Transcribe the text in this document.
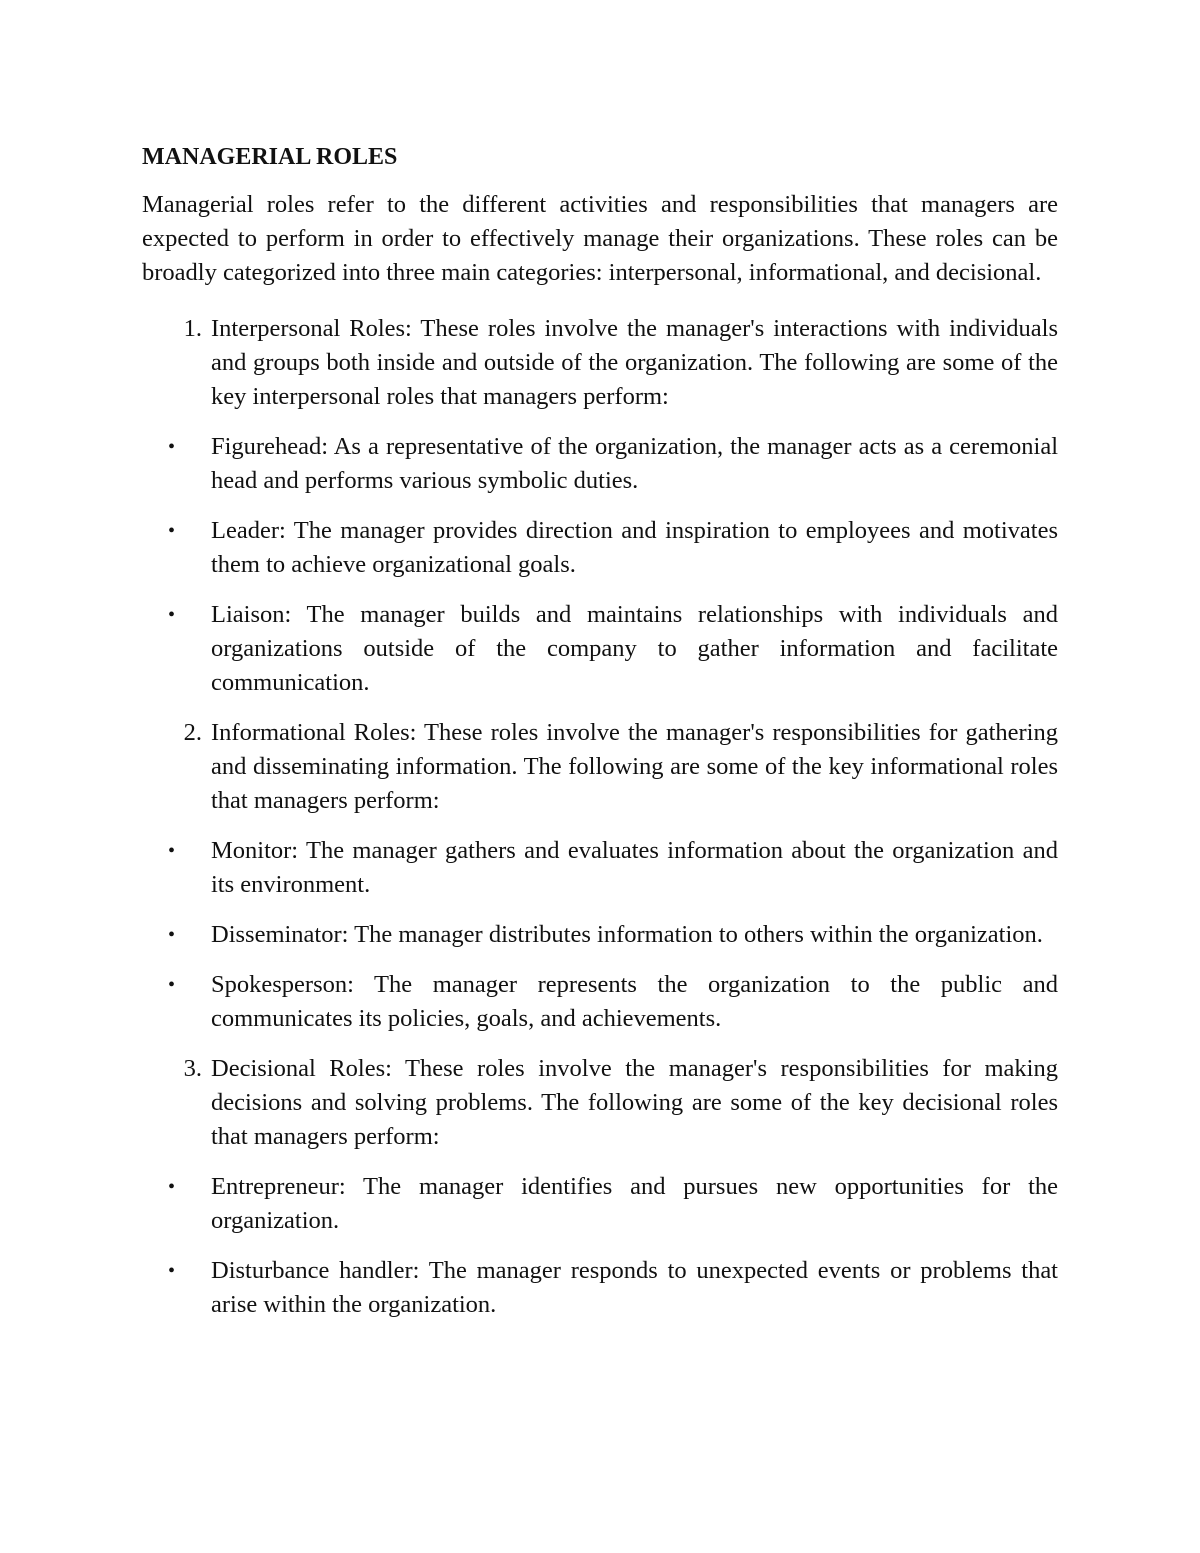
MANAGERIAL ROLES
Managerial roles refer to the different activities and responsibilities that managers are expected to perform in order to effectively manage their organizations. These roles can be broadly categorized into three main categories: interpersonal, informational, and decisional.
1. Interpersonal Roles: These roles involve the manager's interactions with individuals and groups both inside and outside of the organization. The following are some of the key interpersonal roles that managers perform:
• Figurehead: As a representative of the organization, the manager acts as a ceremonial head and performs various symbolic duties.
• Leader: The manager provides direction and inspiration to employees and motivates them to achieve organizational goals.
• Liaison: The manager builds and maintains relationships with individuals and organizations outside of the company to gather information and facilitate communication.
2. Informational Roles: These roles involve the manager's responsibilities for gathering and disseminating information. The following are some of the key informational roles that managers perform:
• Monitor: The manager gathers and evaluates information about the organization and its environment.
• Disseminator: The manager distributes information to others within the organization.
• Spokesperson: The manager represents the organization to the public and communicates its policies, goals, and achievements.
3. Decisional Roles: These roles involve the manager's responsibilities for making decisions and solving problems. The following are some of the key decisional roles that managers perform:
• Entrepreneur: The manager identifies and pursues new opportunities for the organization.
• Disturbance handler: The manager responds to unexpected events or problems that arise within the organization.
